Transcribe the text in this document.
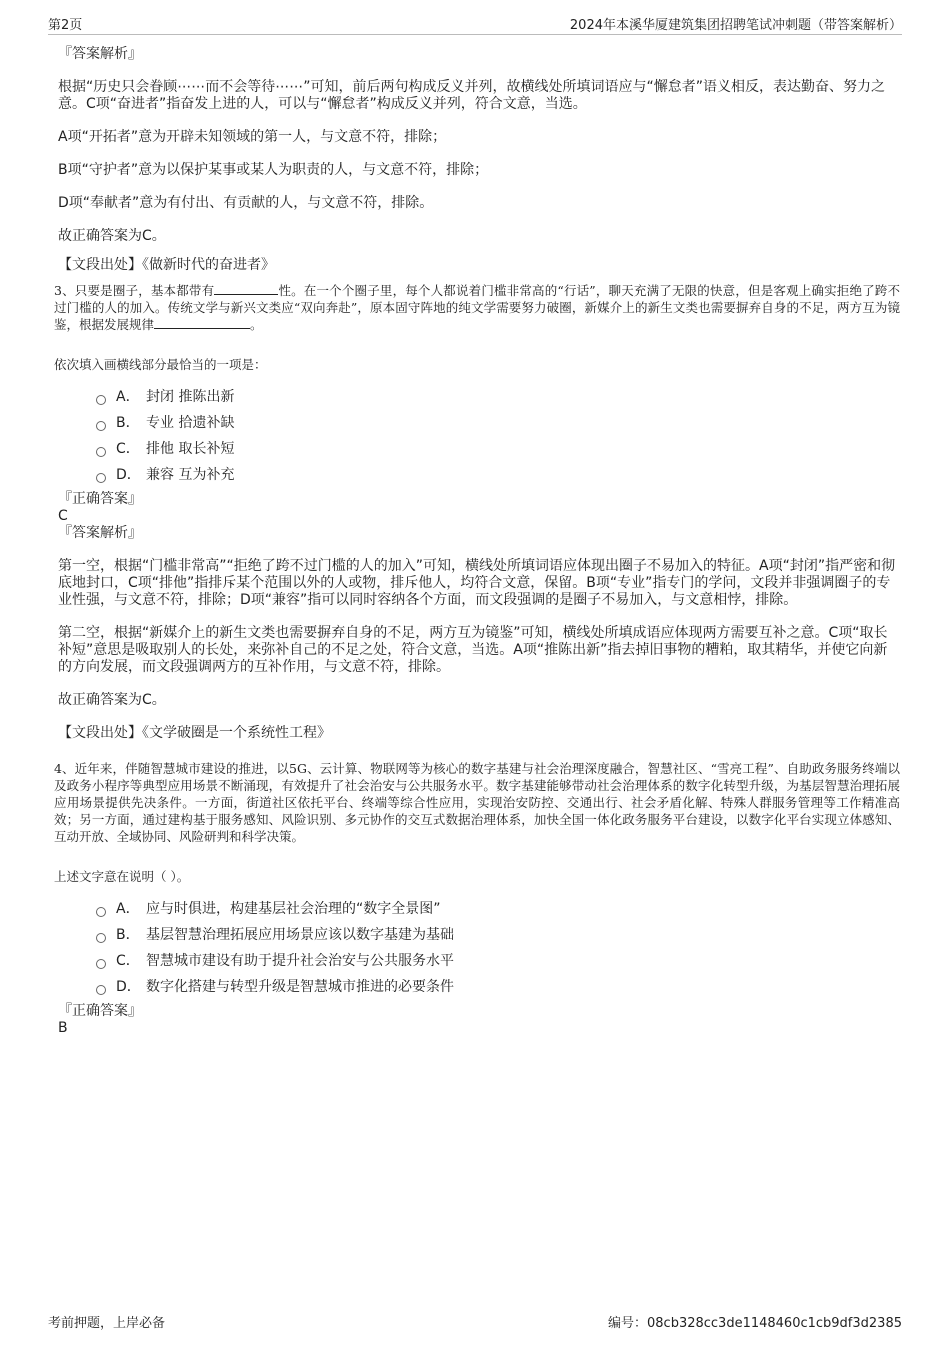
第2页	2024年本溪华厦建筑集团招聘笔试冲刺题（带答案解析）

『答案解析』

根据“历史只会眷顾⋯⋯而不会等待⋯⋯”可知，前后两句构成反义并列，故横线处所填词语应与“懈怠者”语义相反，表达勤奋、努力之意。C项“奋进者”指奋发上进的人，可以与“懈怠者”构成反义并列，符合文意，当选。

A项“开拓者”意为开辟未知领域的第一人，与文意不符，排除；

B项“守护者”意为以保护某事或某人为职责的人，与文意不符，排除；

D项“奉献者”意为有付出、有贡献的人，与文意不符，排除。

故正确答案为C。

【文段出处】《做新时代的奋进者》

3、只要是圈子，基本都带有	性。在一个个圈子里，每个人都说着门槛非常高的“行话”，聊天充满了无限的快意，但是客观上确实拒绝了跨不过门槛的人的加入。传统文学与新兴文类应“双向奔赴”，原本固守阵地的纯文学需要努力破圈，新媒介上的新生文类也需要摒弃自身的不足，两方互为镜鉴，根据发展规律	。

依次填入画横线部分最恰当的一项是：

A． 封闭 推陈出新
B． 专业 拾遗补缺
C． 排他 取长补短
D． 兼容 互为补充

『正确答案』

C

『答案解析』

第一空，根据“门槛非常高”“拒绝了跨不过门槛的人的加入”可知，横线处所填词语应体现出圈子不易加入的特征。A项“封闭”指严密和彻底地封口，C项“排他”指排斥某个范围以外的人或物，排斥他人，均符合文意，保留。B项“专业”指专门的学问，文段并非强调圈子的专业性强，与文意不符，排除；D项“兼容”指可以同时容纳各个方面，而文段强调的是圈子不易加入，与文意相悖，排除。

第二空，根据“新媒介上的新生文类也需要摒弃自身的不足，两方互为镜鉴”可知，横线处所填成语应体现两方需要互补之意。C项“取长补短”意思是吸取别人的长处，来弥补自己的不足之处，符合文意，当选。A项“推陈出新”指去掉旧事物的糟粕，取其精华，并使它向新的方向发展，而文段强调两方的互补作用，与文意不符，排除。

故正确答案为C。

【文段出处】《文学破圈是一个系统性工程》

4、近年来，伴随智慧城市建设的推进，以5G、云计算、物联网等为核心的数字基建与社会治理深度融合，智慧社区、“雪亮工程”、自助政务服务终端以及政务小程序等典型应用场景不断涌现，有效提升了社会治安与公共服务水平。数字基建能够带动社会治理体系的数字化转型升级，为基层智慧治理拓展应用场景提供先决条件。一方面，街道社区依托平台、终端等综合性应用，实现治安防控、交通出行、社会矛盾化解、特殊人群服务管理等工作精准高效；另一方面，通过建构基于服务感知、风险识别、多元协作的交互式数据治理体系，加快全国一体化政务服务平台建设，以数字化平台实现立体感知、互动开放、全域协同、风险研判和科学决策。

上述文字意在说明（ ）。

A． 应与时俱进，构建基层社会治理的“数字全景图”
B． 基层智慧治理拓展应用场景应该以数字基建为基础
C． 智慧城市建设有助于提升社会治安与公共服务水平
D． 数字化搭建与转型升级是智慧城市推进的必要条件

『正确答案』

B

考前押题，上岸必备	编号：08cb328cc3de1148460c1cb9df3d2385
